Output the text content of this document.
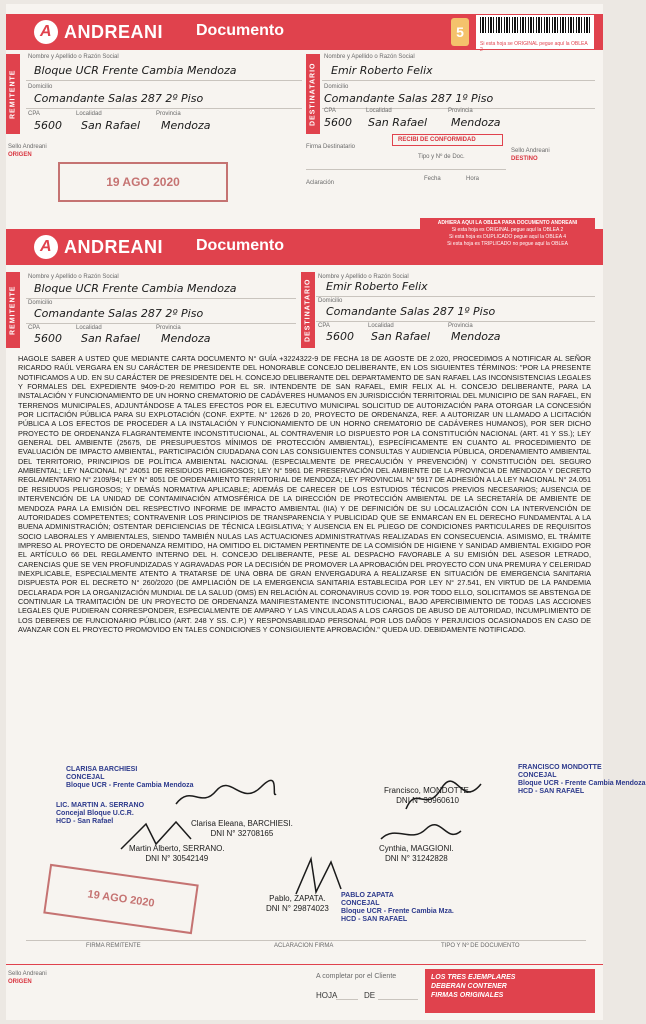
A ANDREANI Documento	5	+3224324-3
Si esta hoja se ORIGINAL pegue aquí la OBLEA 2
REMITENTE	DESTINATARIO
Nombre y Apellido o Razón Social
Bloque UCR Frente Cambia Mendoza
Domicilio
Comandante Salas 287 2º Piso
CPA	Localidad	Provincia
5600 San Rafael Mendoza
Nombre y Apellido o Razón Social
Emir Roberto Felix
Domicilio
Comandante Salas 287 1º Piso
CPA	Localidad	Provincia
5600 San Rafael Mendoza
Sello Andreani
ORIGEN
Firma Destinatario
RECIBI DE CONFORMIDAD
Tipo y Nº de Doc.
Sello Andreani
DESTINO
Aclaración
Fecha	Hora
19 AGO 2020
A ANDREANI Documento
ADHIERA AQUI LA OBLEA PARA DOCUMENTO ANDREANI
Si esta hoja es ORIGINAL pegue aquí la OBLEA 2
Si esta hoja es DUPLICADO pegue aquí la OBLEA 4
Si esta hoja es TRIPLICADO no pegue aquí la OBLEA
REMITENTE	DESTINATARIO
Nombre y Apellido o Razón Social
Bloque UCR Frente Cambia Mendoza
Domicilio
Comandante Salas 287 2º Piso
CPA	Localidad	Provincia
5600 San Rafael Mendoza
Nombre y Apellido o Razón Social
Emir Roberto Felix
Domicilio
Comandante Salas 287 1º Piso
CPA	Localidad	Provincia
5600 San Rafael Mendoza
HAGOLE SABER A USTED QUE MEDIANTE CARTA DOCUMENTO N° GUÍA +3224322-9 DE FECHA 18 DE AGOSTE DE 2.020, PROCEDIMOS A NOTIFICAR AL SEÑOR RICARDO RAÚL VERGARA EN SU CARÁCTER DE PRESIDENTE DEL HONORABLE CONCEJO DELIBERANTE, EN LOS SIGUIENTES TÉRMINOS: "POR LA PRESENTE NOTIFICAMOS A UD. EN SU CARÁCTER DE PRESIDENTE DEL H. CONCEJO DELIBERANTE DEL DEPARTAMENTO DE SAN RAFAEL LAS INCONSISTENCIAS LEGALES Y FORMALES DEL EXPEDIENTE 9409-D-20 REMITIDO POR EL SR. INTENDENTE DE SAN RAFAEL, EMIR FELIX AL H. CONCEJO DELIBERANTE, PARA LA INSTALACIÓN Y FUNCIONAMIENTO DE UN HORNO CREMATORIO DE CADÁVERES HUMANOS EN JURISDICCIÓN TERRITORIAL DEL MUNICIPIO DE SAN RAFAEL, EN TERRENOS MUNICIPALES, ADJUNTÁNDOSE A TALES EFECTOS POR EL EJECUTIVO MUNICIPAL SOLICITUD DE AUTORIZACIÓN PARA OTORGAR LA CONCESIÓN POR LICITACIÓN PÚBLICA PARA SU EXPLOTACIÓN (CONF. EXPTE. N° 12626 D 20, PROYECTO DE ORDENANZA, REF. A AUTORIZAR UN LLAMADO A LICITACIÓN PÚBLICA A LOS EFECTOS DE PROCEDER A LA INSTALACIÓN Y FUNCIONAMIENTO DE UN HORNO CREMATORIO DE CADÁVERES HUMANOS), POR SER DICHO PROYECTO DE ORDENANZA FLAGRANTEMENTE INCONSTITUCIONAL, AL CONTRAVENIR LO DISPUESTO POR LA CONSTITUCIÓN NACIONAL (ART. 41 Y SS.); LEY GENERAL DEL AMBIENTE (25675, DE PRESUPUESTOS MÍNIMOS DE PROTECCIÓN AMBIENTAL), ESPECÍFICAMENTE EN CUANTO AL PROCEDIMIENTO DE EVALUACIÓN DE IMPACTO AMBIENTAL, PARTICIPACIÓN CIUDADANA CON LAS CONSIGUIENTES CONSULTAS Y AUDIENCIA PÚBLICA, ORDENAMIENTO AMBIENTAL DEL TERRITORIO, PRINCIPIOS DE POLÍTICA AMBIENTAL NACIONAL (ESPECIALMENTE DE PRECAUCIÓN Y PREVENCIÓN) Y CONSTITUCIÓN DEL SEGURO AMBIENTAL; LEY NACIONAL N° 24051 DE RESIDUOS PELIGROSOS; LEY N° 5961 DE PRESERVACIÓN DEL AMBIENTE DE LA PROVINCIA DE MENDOZA Y DECRETO REGLAMENTARIO N° 2109/94; LEY N° 8051 DE ORDENAMIENTO TERRITORIAL DE MENDOZA; LEY PROVINCIAL N° 5917 DE ADHESIÓN A LA LEY NACIONAL N° 24.051 DE RESIDUOS PELIGROSOS; Y DEMÁS NORMATIVA APLICABLE; ADEMÁS DE CARECER DE LOS ESTUDIOS TÉCNICOS PREVIOS NECESARIOS; AUSENCIA DE INTERVENCIÓN DE LA UNIDAD DE CONTAMINACIÓN ATMOSFÉRICA DE LA DIRECCIÓN DE PROTECCIÓN AMBIENTAL DE LA SECRETARÍA DE AMBIENTE DE MENDOZA PARA LA EMISIÓN DEL RESPECTIVO INFORME DE IMPACTO AMBIENTAL (IIA) Y DE DEFINICIÓN DE SU LOCALIZACIÓN CON LA INTERVENCIÓN DE AUTORIDADES COMPETENTES; CONTRAVENIR LOS PRINCIPIOS DE TRANSPARENCIA Y PUBLICIDAD QUE SE ENMARCAN EN EL DERECHO FUNDAMENTAL A LA BUENA ADMINISTRACIÓN; OSTENTAR DEFICIENCIAS DE TÉCNICA LEGISLATIVA; Y AUSENCIA EN EL PLIEGO DE CONDICIONES PARTICULARES DE REQUISITOS SOCIO LABORALES Y AMBIENTALES, SIENDO TAMBIÉN NULAS LAS ACTUACIONES ADMINISTRATIVAS REALIZADAS EN CONSECUENCIA. ASIMISMO, EL TRÁMITE IMPRESO AL PROYECTO DE ORDENANZA REMITIDO, HA OMITIDO EL DICTAMEN PERTINENTE DE LA COMISIÓN DE HIGIENE Y SANIDAD AMBIENTAL EXIGIDO POR EL ARTÍCULO 66 DEL REGLAMENTO INTERNO DEL H. CONCEJO DELIBERANTE, PESE AL DESPACHO FAVORABLE A SU EMISIÓN DEL ASESOR LETRADO, CARENCIAS QUE SE VEN PROFUNDIZADAS Y AGRAVADAS POR LA DECISIÓN DE PROMOVER LA APROBACIÓN DEL PROYECTO CON UNA PREMURA Y CELERIDAD INEXPLICABLE, ESPECIALMENTE ATENTO A TRATARSE DE UNA OBRA DE GRAN ENVERGADURA A REALIZARSE EN SITUACIÓN DE EMERGENCIA SANITARIA DISPUESTA POR EL DECRETO N° 260/2020 (DE AMPLIACIÓN DE LA EMERGENCIA SANITARIA ESTABLECIDA POR LEY N° 27.541, EN VIRTUD DE LA PANDEMIA DECLARADA POR LA ORGANIZACIÓN MUNDIAL DE LA SALUD (OMS) EN RELACIÓN AL CORONAVIRUS COVID 19. POR TODO ELLO, SOLICITAMOS SE ABSTENGA DE CONTINUAR LA TRAMITACIÓN DE UN PROYECTO DE ORDENANZA MANIFIESTAMENTE INCONSTITUCIONAL, BAJO APERCIBIMIENTO DE TODAS LAS ACCIONES LEGALES QUE PUDIERAN CORRESPONDER, ESPECIALMENTE DE AMPARO Y LAS VINCULADAS A LOS CARGOS DE ABUSO DE AUTORIDAD, INCUMPLIMIENTO DE LOS DEBERES DE FUNCIONARIO PÚBLICO (ART. 248 Y SS. C.P.) Y RESPONSABILIDAD PERSONAL POR LOS DAÑOS Y PERJUICIOS OCASIONADOS EN CASO DE AVANZAR CON EL PROYECTO PROMOVIDO EN TALES CONDICIONES Y CONSIGUIENTE APROBACIÓN." QUEDA UD. DEBIDAMENTE NOTIFICADO.
CLARISA BARCHIESI
CONCEJAL
Bloque UCR - Frente Cambia Mendoza
LIC. MARTIN A. SERRANO
Concejal Bloque U.C.R.
HCD - San Rafael
FRANCISCO MONDOTTE
CONCEJAL
Bloque UCR - Frente Cambia Mendoza
HCD - SAN RAFAEL
PABLO ZAPATA
CONCEJAL
Bloque UCR - Frente Cambia Mza.
HCD - SAN RAFAEL
Clarisa Eleana, BARCHIESI.
DNI N° 32708165
Francisco, MONDOTTE.
DNI N° 30960610
Martin Alberto, SERRANO.
DNI N° 30542149
Cynthia, MAGGIONI.
DNI N° 31242828
Pablo, ZAPATA.
DNI N° 29874023
19 AGO 2020
FIRMA REMITENTE	ACLARACION FIRMA	TIPO Y Nº DE DOCUMENTO
Sello Andreani
ORIGEN
A completar por el Cliente
HOJA	DE
LOS TRES EJEMPLARES
DEBERAN CONTENER
FIRMAS ORIGINALES
